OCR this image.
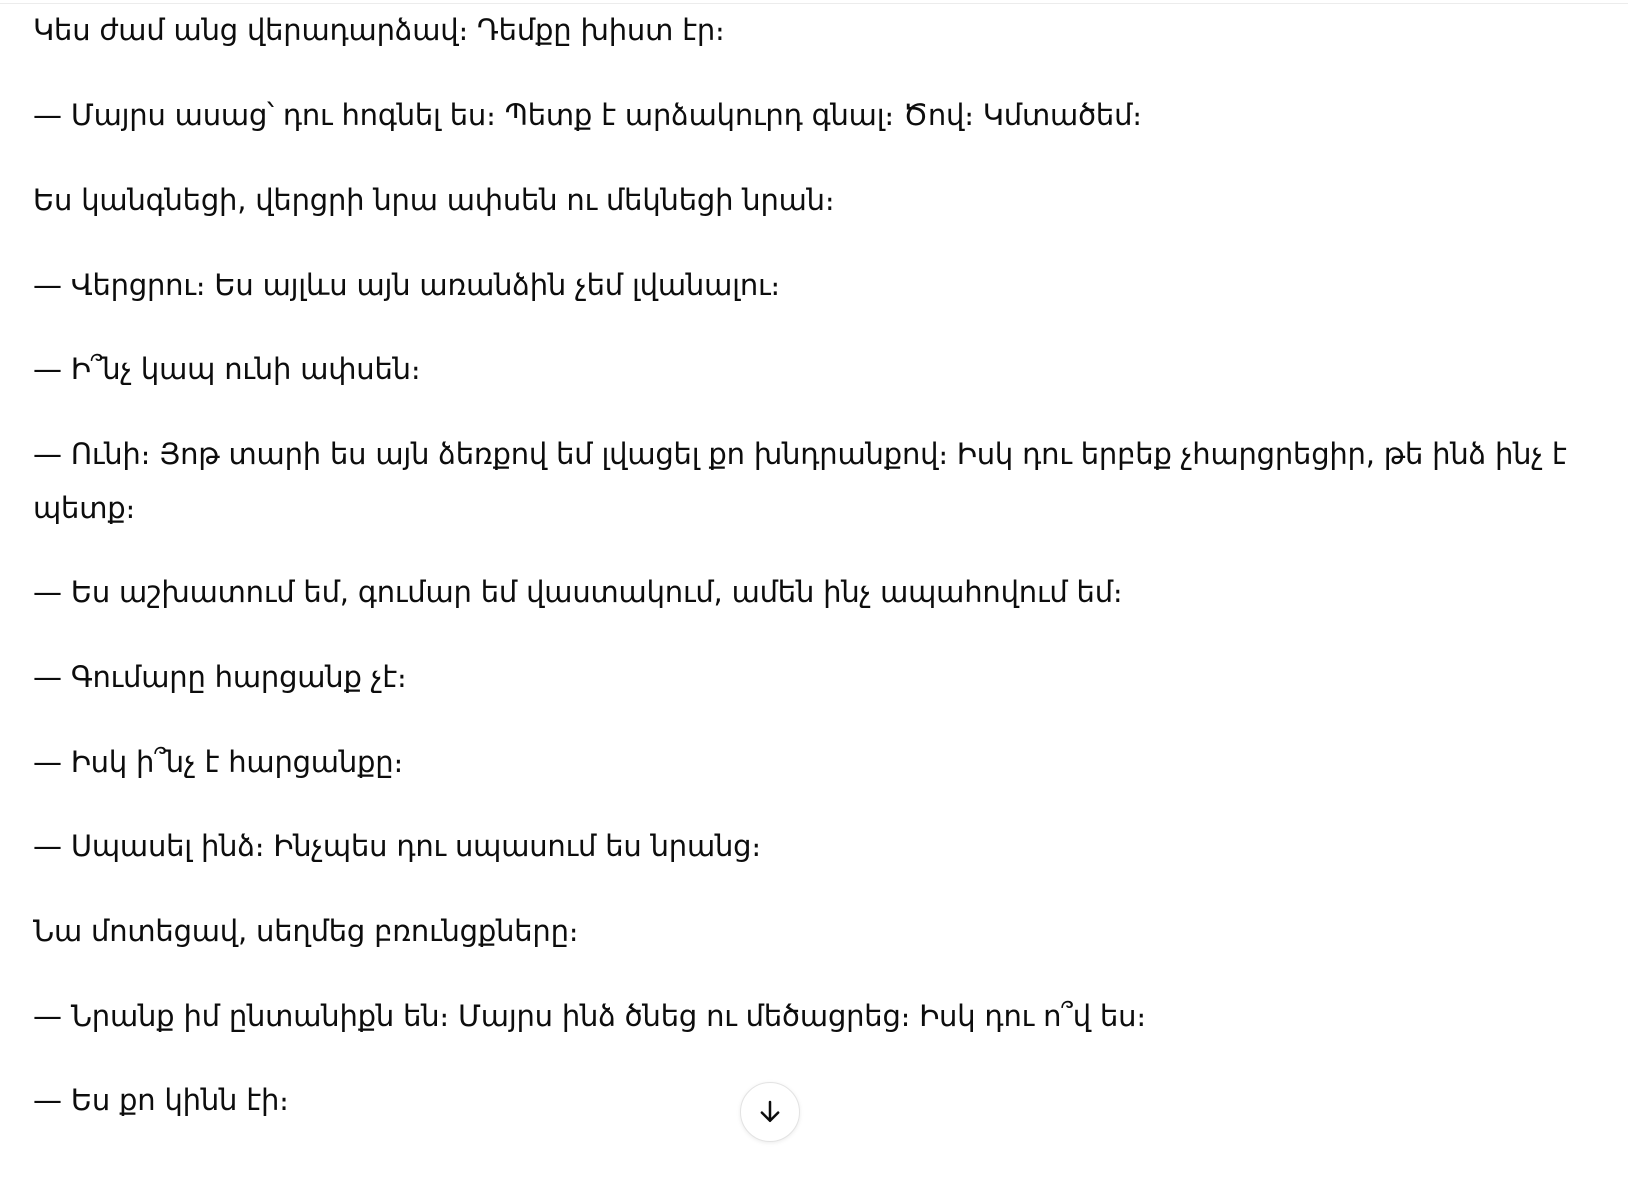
Կես ժամ անց վերադարձավ։ Դեմքը խիստ էր։

— Մայրս ասաց՝ դու հոգնել ես։ Պետք է արձակուրդ գնալ։ Ծով։ Կմտածեմ։

Ես կանգնեցի, վերցրի նրա ափսեն ու մեկնեցի նրան։

— Վերցրու։ Ես այլևս այն առանձին չեմ լվանալու։

— Ի՞նչ կապ ունի ափսեն։

— Ունի։ Յոթ տարի ես այն ձեռքով եմ լվացել քո խնդրանքով։ Իսկ դու երբեք չհարցրեցիր, թե ինձ ինչ է պետք։

— Ես աշխատում եմ, գումար եմ վաստակում, ամեն ինչ ապահովում եմ։

— Գումարը հարցանք չէ։

— Իսկ ի՞նչ է հարցանքը։

— Սպասել ինձ։ Ինչպես դու սպասում ես նրանց։

Նա մոտեցավ, սեղմեց բռունցքները։

— Նրանք իմ ընտանիքն են։ Մայրս ինձ ծնեց ու մեծացրեց։ Իսկ դու ո՞վ ես։

— Ես քո կինն էի։
